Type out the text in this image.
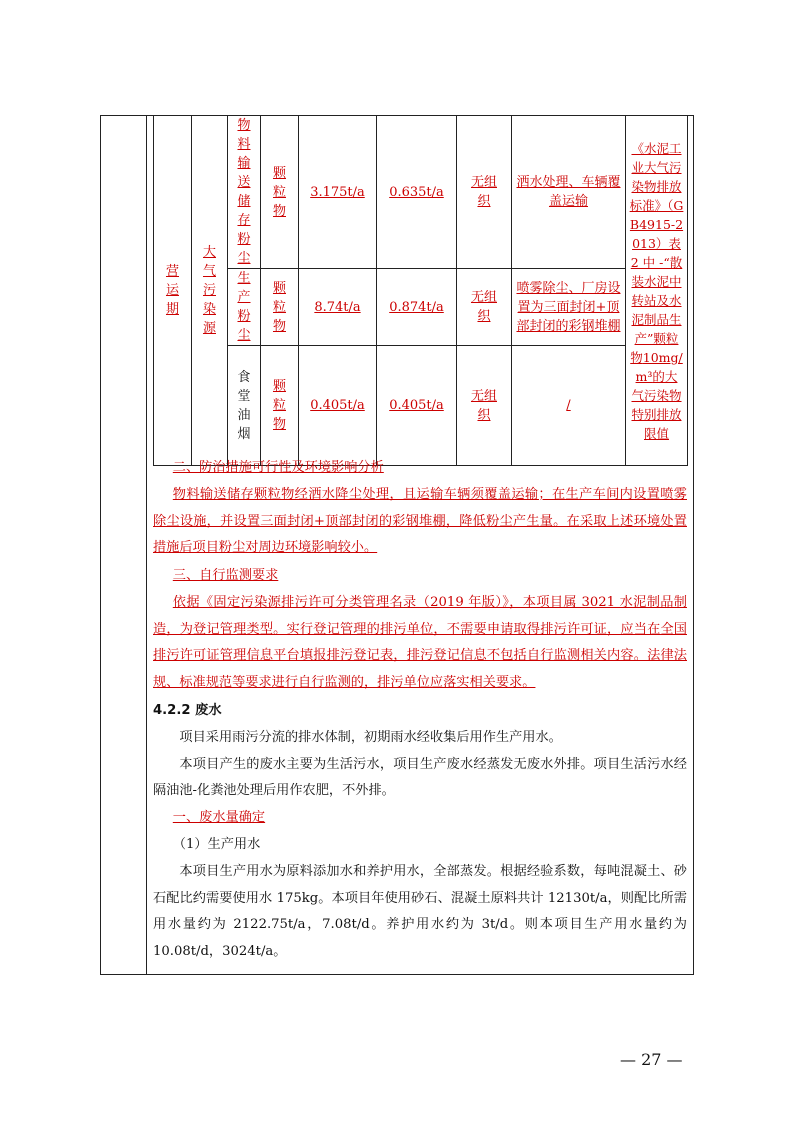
营运期	大气污染源	物料输送储存粉尘	颗粒物	3.175t/a	0.635t/a	无组织	洒水处理、车辆覆盖运输	《水泥工业大气污染物排放标准》（GB4915-2013）表 2 中 -“散装水泥中转站及水泥制品生产”颗粒物10mg/m³的大气污染物特别排放限值

		生产粉尘	颗粒物	8.74t/a	0.874t/a	无组织	喷雾除尘、厂房设置为三面封闭+顶部封闭的彩钢堆棚	

		食堂油烟	颗粒物	0.405t/a	0.405t/a	无组织	/	

二、防治措施可行性及环境影响分析

物料输送储存颗粒物经洒水降尘处理，且运输车辆须覆盖运输；在生产车间内设置喷雾除尘设施，并设置三面封闭+顶部封闭的彩钢堆棚，降低粉尘产生量。在采取上述环境处置措施后项目粉尘对周边环境影响较小。

三、自行监测要求

依据《固定污染源排污许可分类管理名录（2019 年版）》，本项目属 3021 水泥制品制造，为登记管理类型。实行登记管理的排污单位，不需要申请取得排污许可证，应当在全国排污许可证管理信息平台填报排污登记表，排污登记信息不包括自行监测相关内容。法律法规、标准规范等要求进行自行监测的，排污单位应落实相关要求。

4.2.2 废水

项目采用雨污分流的排水体制，初期雨水经收集后用作生产用水。

本项目产生的废水主要为生活污水，项目生产废水经蒸发无废水外排。项目生活污水经隔油池-化粪池处理后用作农肥，不外排。

一、废水量确定

（1）生产用水

本项目生产用水为原料添加水和养护用水，全部蒸发。根据经验系数，每吨混凝土、砂石配比约需要使用水 175kg。本项目年使用砂石、混凝土原料共计 12130t/a，则配比所需用水量约为 2122.75t/a，7.08t/d。养护用水约为 3t/d。则本项目生产用水量约为 10.08t/d，3024t/a。

— 27 —
